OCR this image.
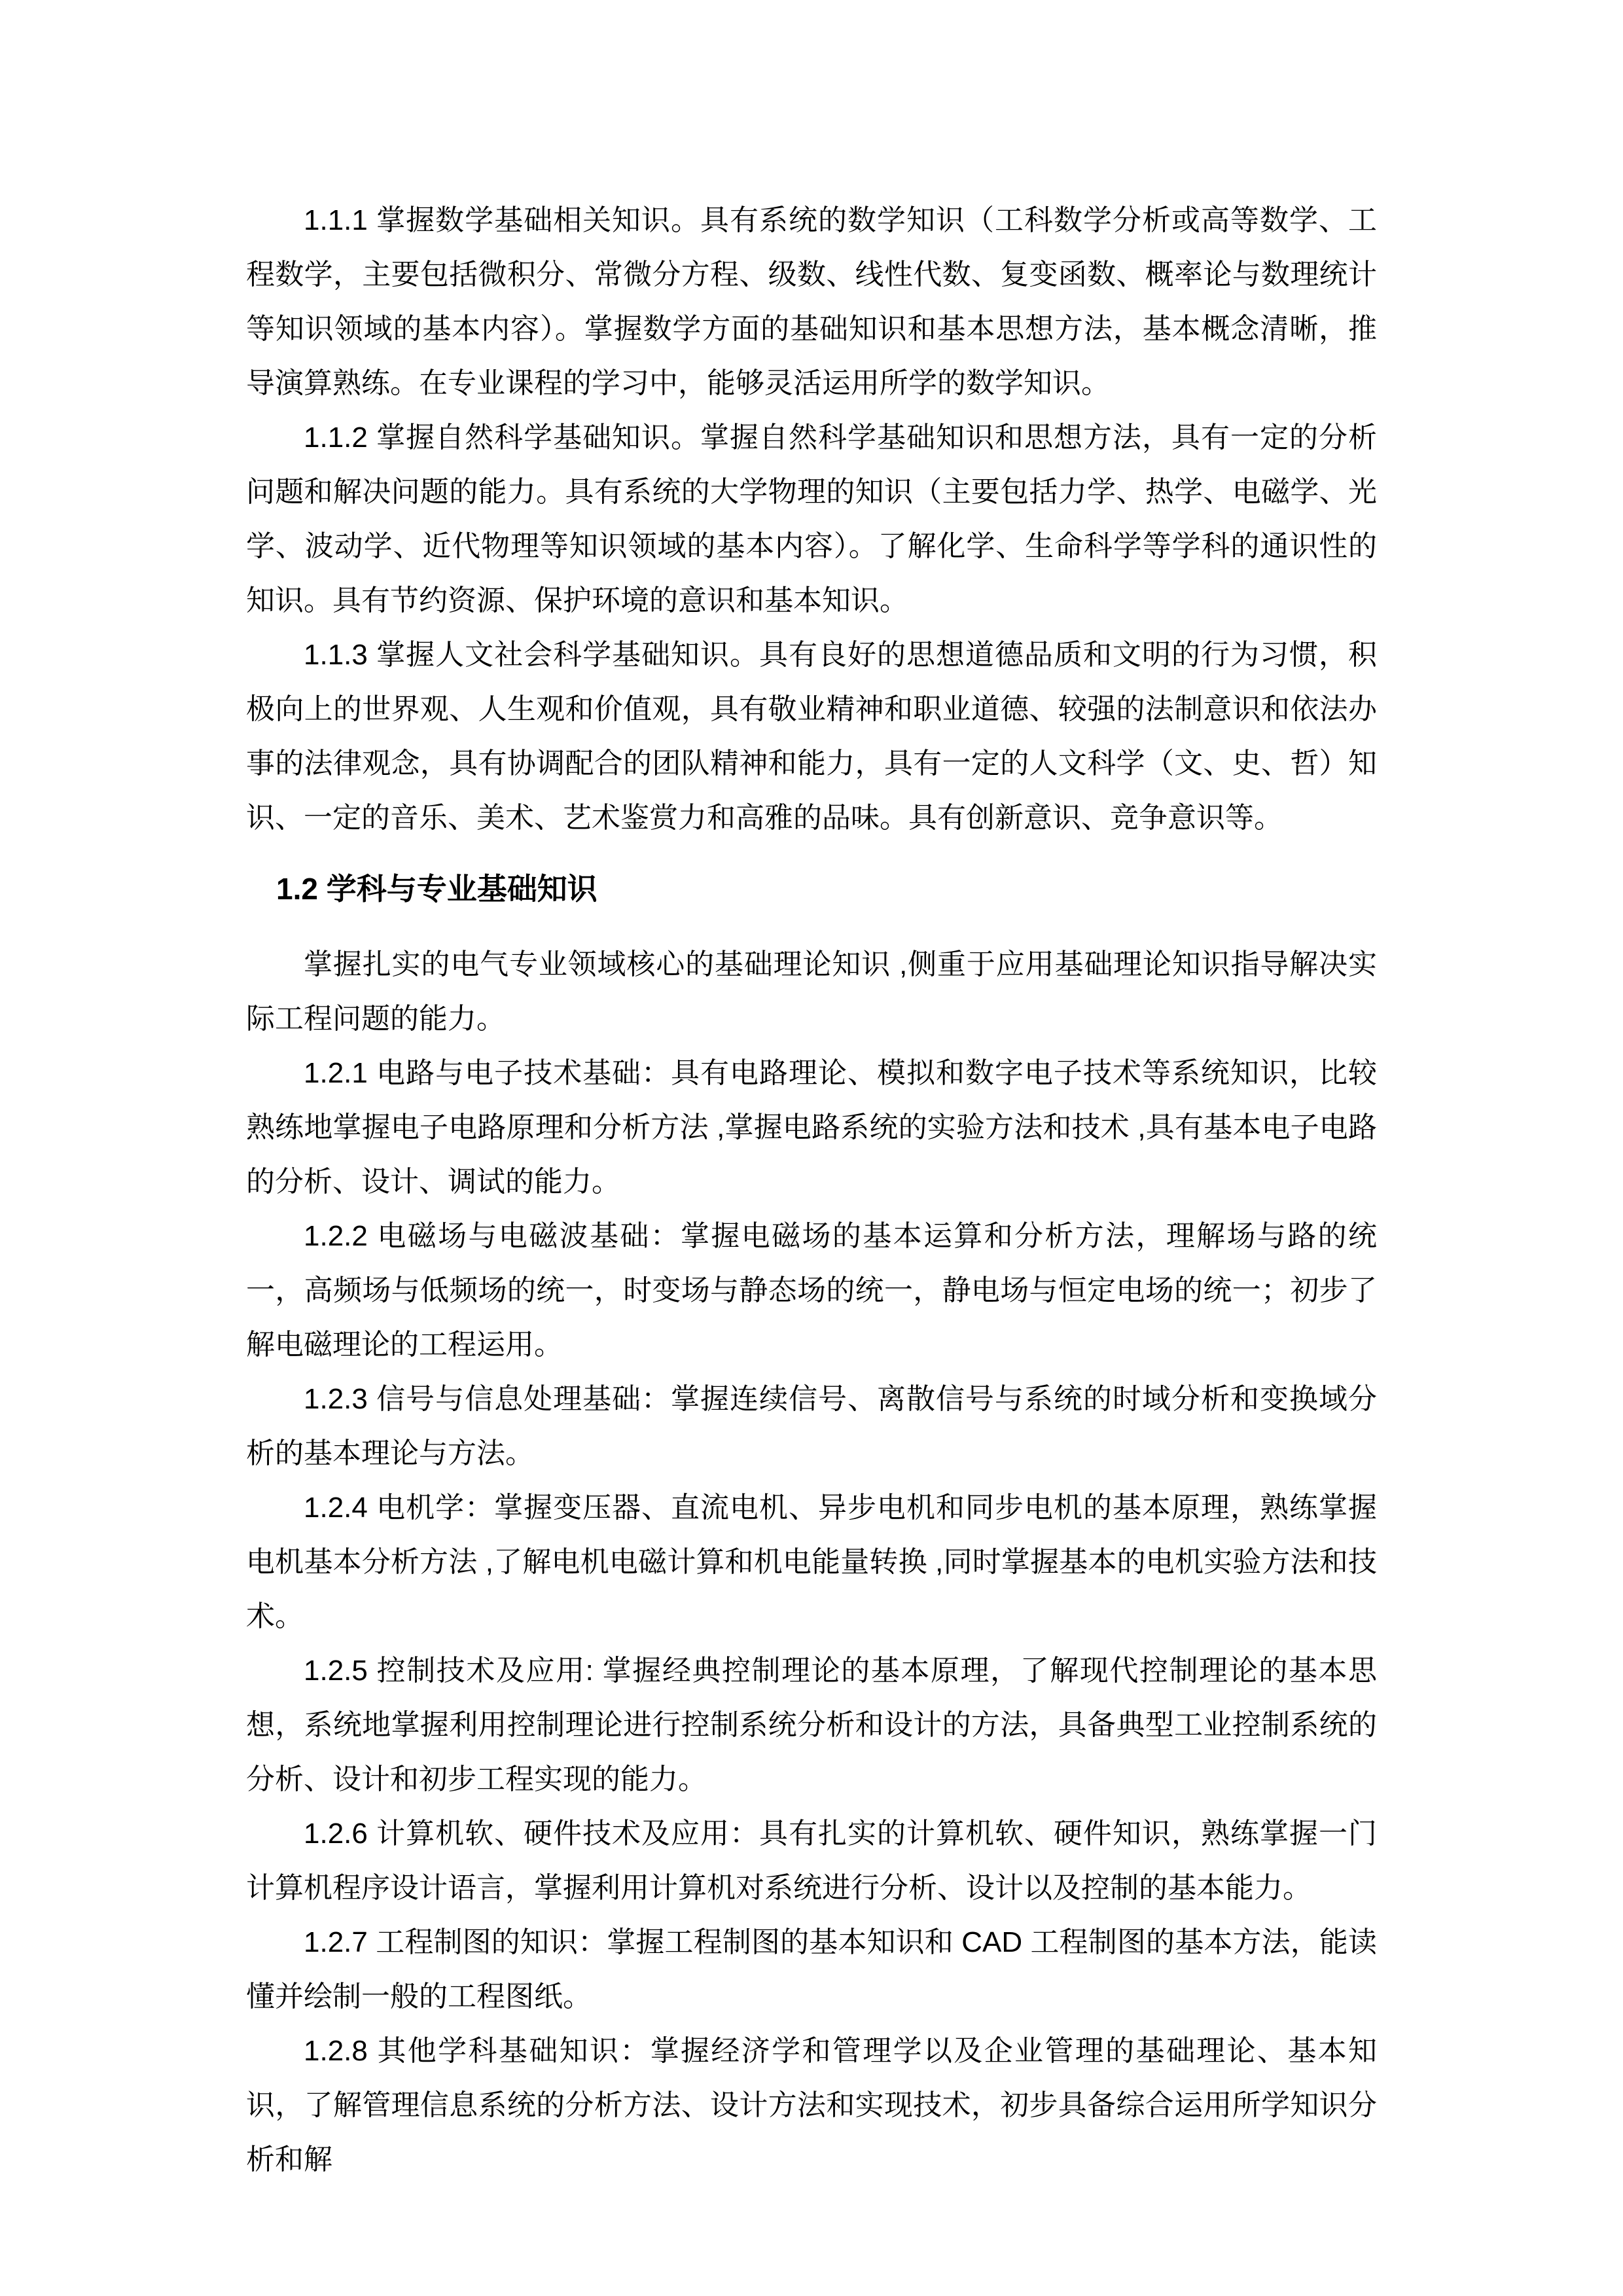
1.1.1 掌握数学基础相关知识。具有系统的数学知识（工科数学分析或高等数学、工程数学，主要包括微积分、常微分方程、级数、线性代数、复变函数、概率论与数理统计等知识领域的基本内容）。掌握数学方面的基础知识和基本思想方法，基本概念清晰，推导演算熟练。在专业课程的学习中，能够灵活运用所学的数学知识。

1.1.2 掌握自然科学基础知识。掌握自然科学基础知识和思想方法，具有一定的分析问题和解决问题的能力。具有系统的大学物理的知识（主要包括力学、热学、电磁学、光学、波动学、近代物理等知识领域的基本内容）。了解化学、生命科学等学科的通识性的知识。具有节约资源、保护环境的意识和基本知识。

1.1.3 掌握人文社会科学基础知识。具有良好的思想道德品质和文明的行为习惯，积极向上的世界观、人生观和价值观，具有敬业精神和职业道德、较强的法制意识和依法办事的法律观念，具有协调配合的团队精神和能力，具有一定的人文科学（文、史、哲）知识、一定的音乐、美术、艺术鉴赏力和高雅的品味。具有创新意识、竞争意识等。

1.2 学科与专业基础知识

掌握扎实的电气专业领域核心的基础理论知识 ,侧重于应用基础理论知识指导解决实际工程问题的能力。

1.2.1 电路与电子技术基础：具有电路理论、模拟和数字电子技术等系统知识，比较熟练地掌握电子电路原理和分析方法 ,掌握电路系统的实验方法和技术 ,具有基本电子电路的分析、设计、调试的能力。

1.2.2 电磁场与电磁波基础：掌握电磁场的基本运算和分析方法，理解场与路的统一，高频场与低频场的统一，时变场与静态场的统一，静电场与恒定电场的统一；初步了解电磁理论的工程运用。

1.2.3 信号与信息处理基础：掌握连续信号、离散信号与系统的时域分析和变换域分析的基本理论与方法。

1.2.4 电机学：掌握变压器、直流电机、异步电机和同步电机的基本原理，熟练掌握电机基本分析方法 ,了解电机电磁计算和机电能量转换 ,同时掌握基本的电机实验方法和技术。

1.2.5 控制技术及应用: 掌握经典控制理论的基本原理，了解现代控制理论的基本思想，系统地掌握利用控制理论进行控制系统分析和设计的方法，具备典型工业控制系统的分析、设计和初步工程实现的能力。

1.2.6 计算机软、硬件技术及应用：具有扎实的计算机软、硬件知识，熟练掌握一门计算机程序设计语言，掌握利用计算机对系统进行分析、设计以及控制的基本能力。

1.2.7 工程制图的知识：掌握工程制图的基本知识和 CAD 工程制图的基本方法，能读懂并绘制一般的工程图纸。

1.2.8 其他学科基础知识：掌握经济学和管理学以及企业管理的基础理论、基本知识，了解管理信息系统的分析方法、设计方法和实现技术，初步具备综合运用所学知识分析和解
